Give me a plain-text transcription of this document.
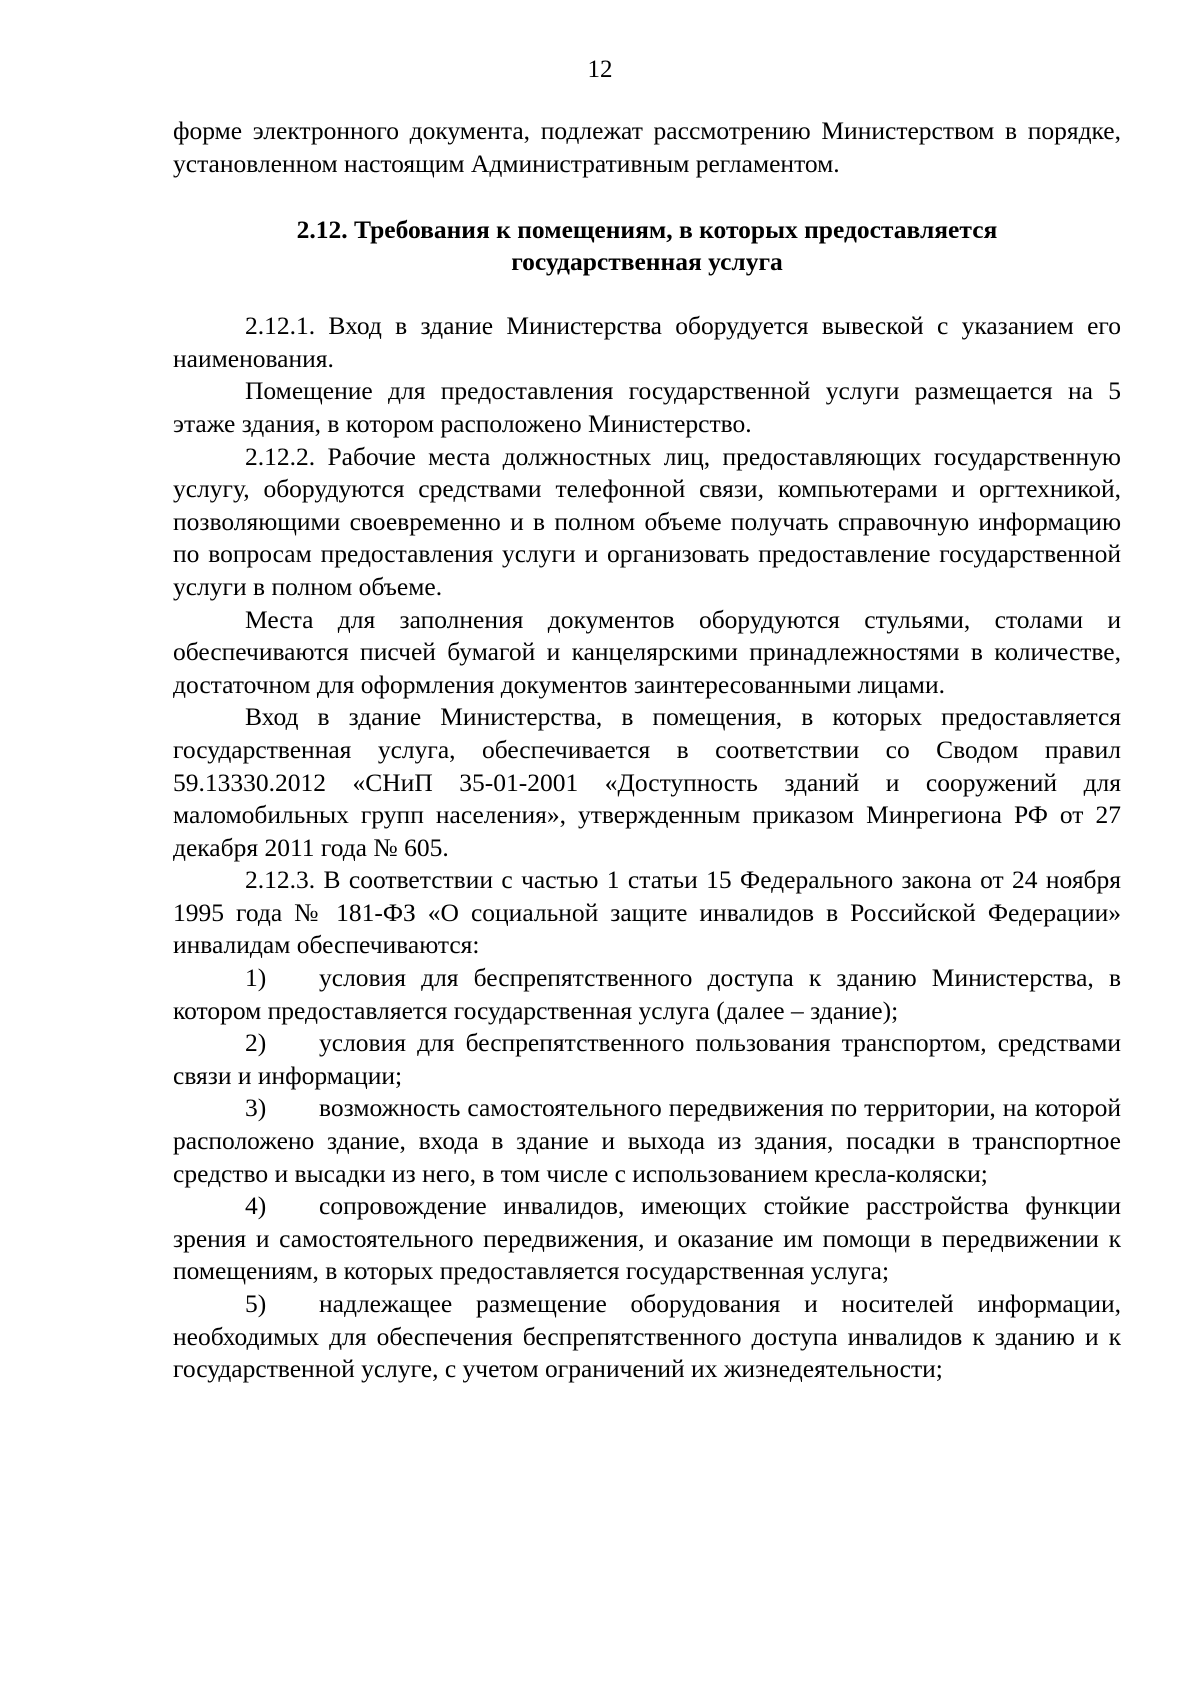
12

форме электронного документа, подлежат рассмотрению Министерством в порядке, установленном настоящим Административным регламентом.

2.12. Требования к помещениям, в которых предоставляется
государственная услуга

2.12.1. Вход в здание Министерства оборудуется вывеской с указанием его наименования.

Помещение для предоставления государственной услуги размещается на 5 этаже здания, в котором расположено Министерство.

2.12.2. Рабочие места должностных лиц, предоставляющих государственную услугу, оборудуются средствами телефонной связи, компьютерами и оргтехникой, позволяющими своевременно и в полном объеме получать справочную информацию по вопросам предоставления услуги и организовать предоставление государственной услуги в полном объеме.

Места для заполнения документов оборудуются стульями, столами и обеспечиваются писчей бумагой и канцелярскими принадлежностями в количестве, достаточном для оформления документов заинтересованными лицами.

Вход в здание Министерства, в помещения, в которых предоставляется государственная услуга, обеспечивается в соответствии со Сводом правил 59.13330.2012 «СНиП 35-01-2001 «Доступность зданий и сооружений для маломобильных групп населения», утвержденным приказом Минрегиона РФ от 27 декабря 2011 года № 605.

2.12.3. В соответствии с частью 1 статьи 15 Федерального закона от 24 ноября 1995 года № 181-ФЗ «О социальной защите инвалидов в Российской Федерации» инвалидам обеспечиваются:

1) условия для беспрепятственного доступа к зданию Министерства, в котором предоставляется государственная услуга (далее – здание);

2) условия для беспрепятственного пользования транспортом, средствами связи и информации;

3) возможность самостоятельного передвижения по территории, на которой расположено здание, входа в здание и выхода из здания, посадки в транспортное средство и высадки из него, в том числе с использованием кресла-коляски;

4) сопровождение инвалидов, имеющих стойкие расстройства функции зрения и самостоятельного передвижения, и оказание им помощи в передвижении к помещениям, в которых предоставляется государственная услуга;

5) надлежащее размещение оборудования и носителей информации, необходимых для обеспечения беспрепятственного доступа инвалидов к зданию и к государственной услуге, с учетом ограничений их жизнедеятельности;
